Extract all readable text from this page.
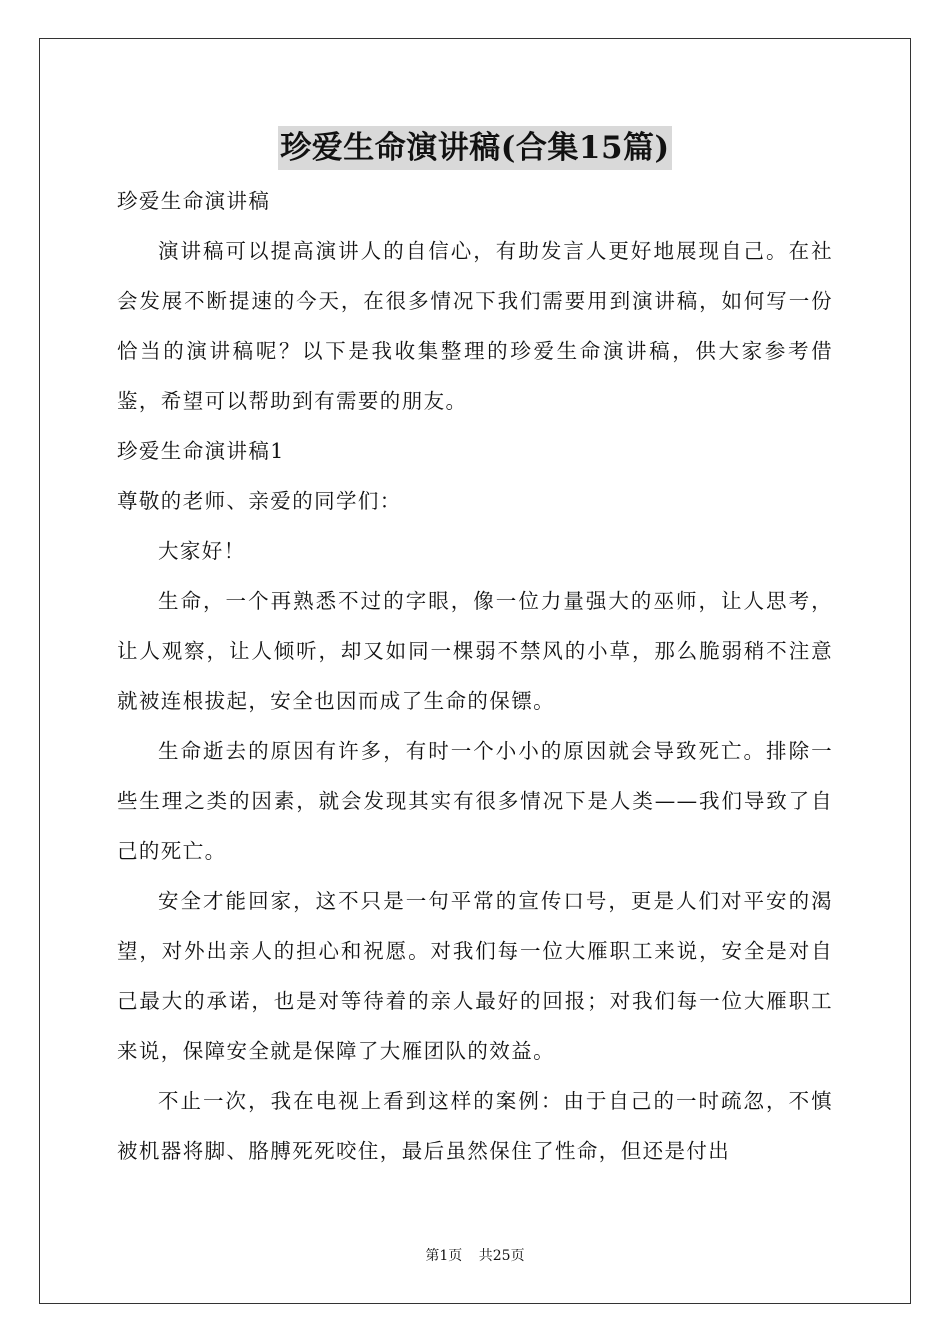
珍爱生命演讲稿(合集15篇)

珍爱生命演讲稿

演讲稿可以提高演讲人的自信心，有助发言人更好地展现自己。在社会发展不断提速的今天，在很多情况下我们需要用到演讲稿，如何写一份恰当的演讲稿呢？以下是我收集整理的珍爱生命演讲稿，供大家参考借鉴，希望可以帮助到有需要的朋友。

珍爱生命演讲稿1

尊敬的老师、亲爱的同学们：

大家好！

生命，一个再熟悉不过的字眼，像一位力量强大的巫师，让人思考，让人观察，让人倾听，却又如同一棵弱不禁风的小草，那么脆弱稍不注意就被连根拔起，安全也因而成了生命的保镖。

生命逝去的原因有许多，有时一个小小的原因就会导致死亡。排除一些生理之类的因素，就会发现其实有很多情况下是人类——我们导致了自己的死亡。

安全才能回家，这不只是一句平常的宣传口号，更是人们对平安的渴望，对外出亲人的担心和祝愿。对我们每一位大雁职工来说，安全是对自己最大的承诺，也是对等待着的亲人最好的回报；对我们每一位大雁职工来说，保障安全就是保障了大雁团队的效益。

不止一次，我在电视上看到这样的案例：由于自己的一时疏忽，不慎被机器将脚、胳膊死死咬住，最后虽然保住了性命，但还是付出

第1页 共25页
